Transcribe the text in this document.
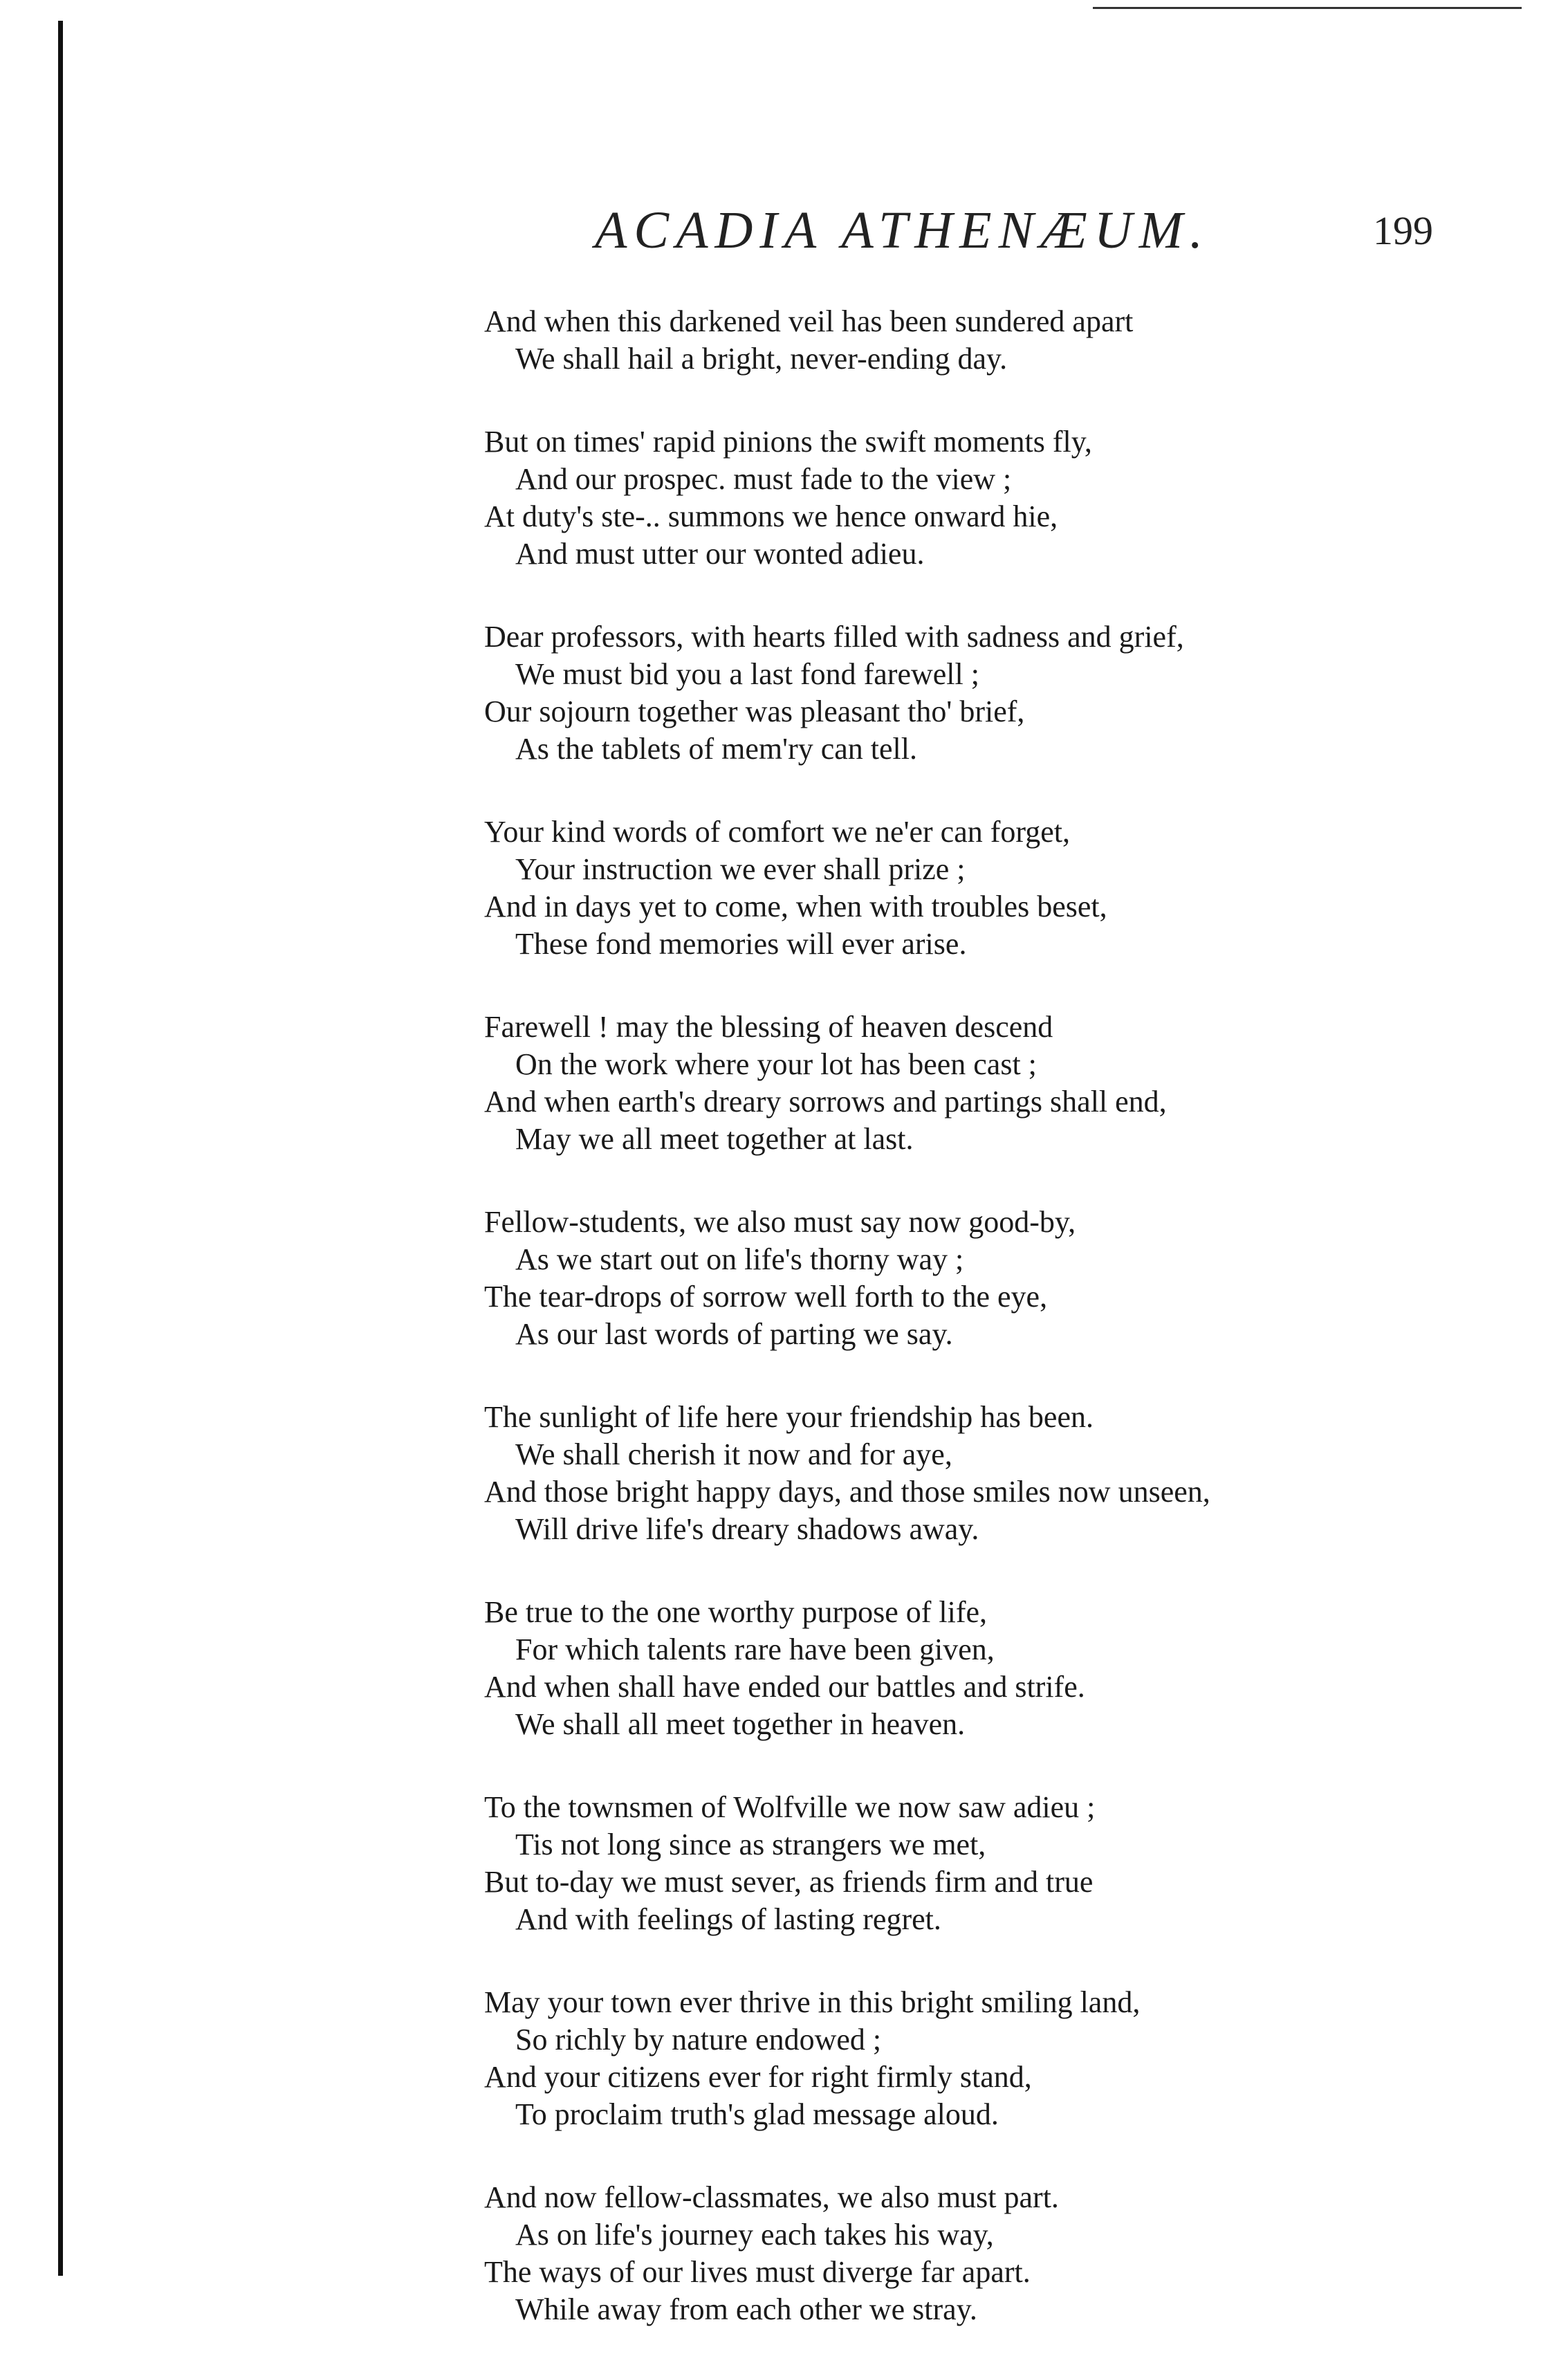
ACADIA ATHENÆUM.	199
And when this darkened veil has been sundered apart
We shall hail a bright, never-ending day.
But on times' rapid pinions the swift moments fly,
And our prospec. must fade to the view ;
At duty's ste-.. summons we hence onward hie,
And must utter our wonted adieu.
Dear professors, with hearts filled with sadness and grief,
We must bid you a last fond farewell ;
Our sojourn together was pleasant tho' brief,
As the tablets of mem'ry can tell.
Your kind words of comfort we ne'er can forget,
Your instruction we ever shall prize ;
And in days yet to come, when with troubles beset,
These fond memories will ever arise.
Farewell ! may the blessing of heaven descend
On the work where your lot has been cast ;
And when earth's dreary sorrows and partings shall end,
May we all meet together at last.
Fellow-students, we also must say now good-by,
As we start out on life's thorny way ;
The tear-drops of sorrow well forth to the eye,
As our last words of parting we say.
The sunlight of life here your friendship has been.
We shall cherish it now and for aye,
And those bright happy days, and those smiles now unseen,
Will drive life's dreary shadows away.
Be true to the one worthy purpose of life,
For which talents rare have been given,
And when shall have ended our battles and strife.
We shall all meet together in heaven.
To the townsmen of Wolfville we now saw adieu ;
Tis not long since as strangers we met,
But to-day we must sever, as friends firm and true
And with feelings of lasting regret.
May your town ever thrive in this bright smiling land,
So richly by nature endowed ;
And your citizens ever for right firmly stand,
To proclaim truth's glad message aloud.
And now fellow-classmates, we also must part.
As on life's journey each takes his way,
The ways of our lives must diverge far apart.
While away from each other we stray.
